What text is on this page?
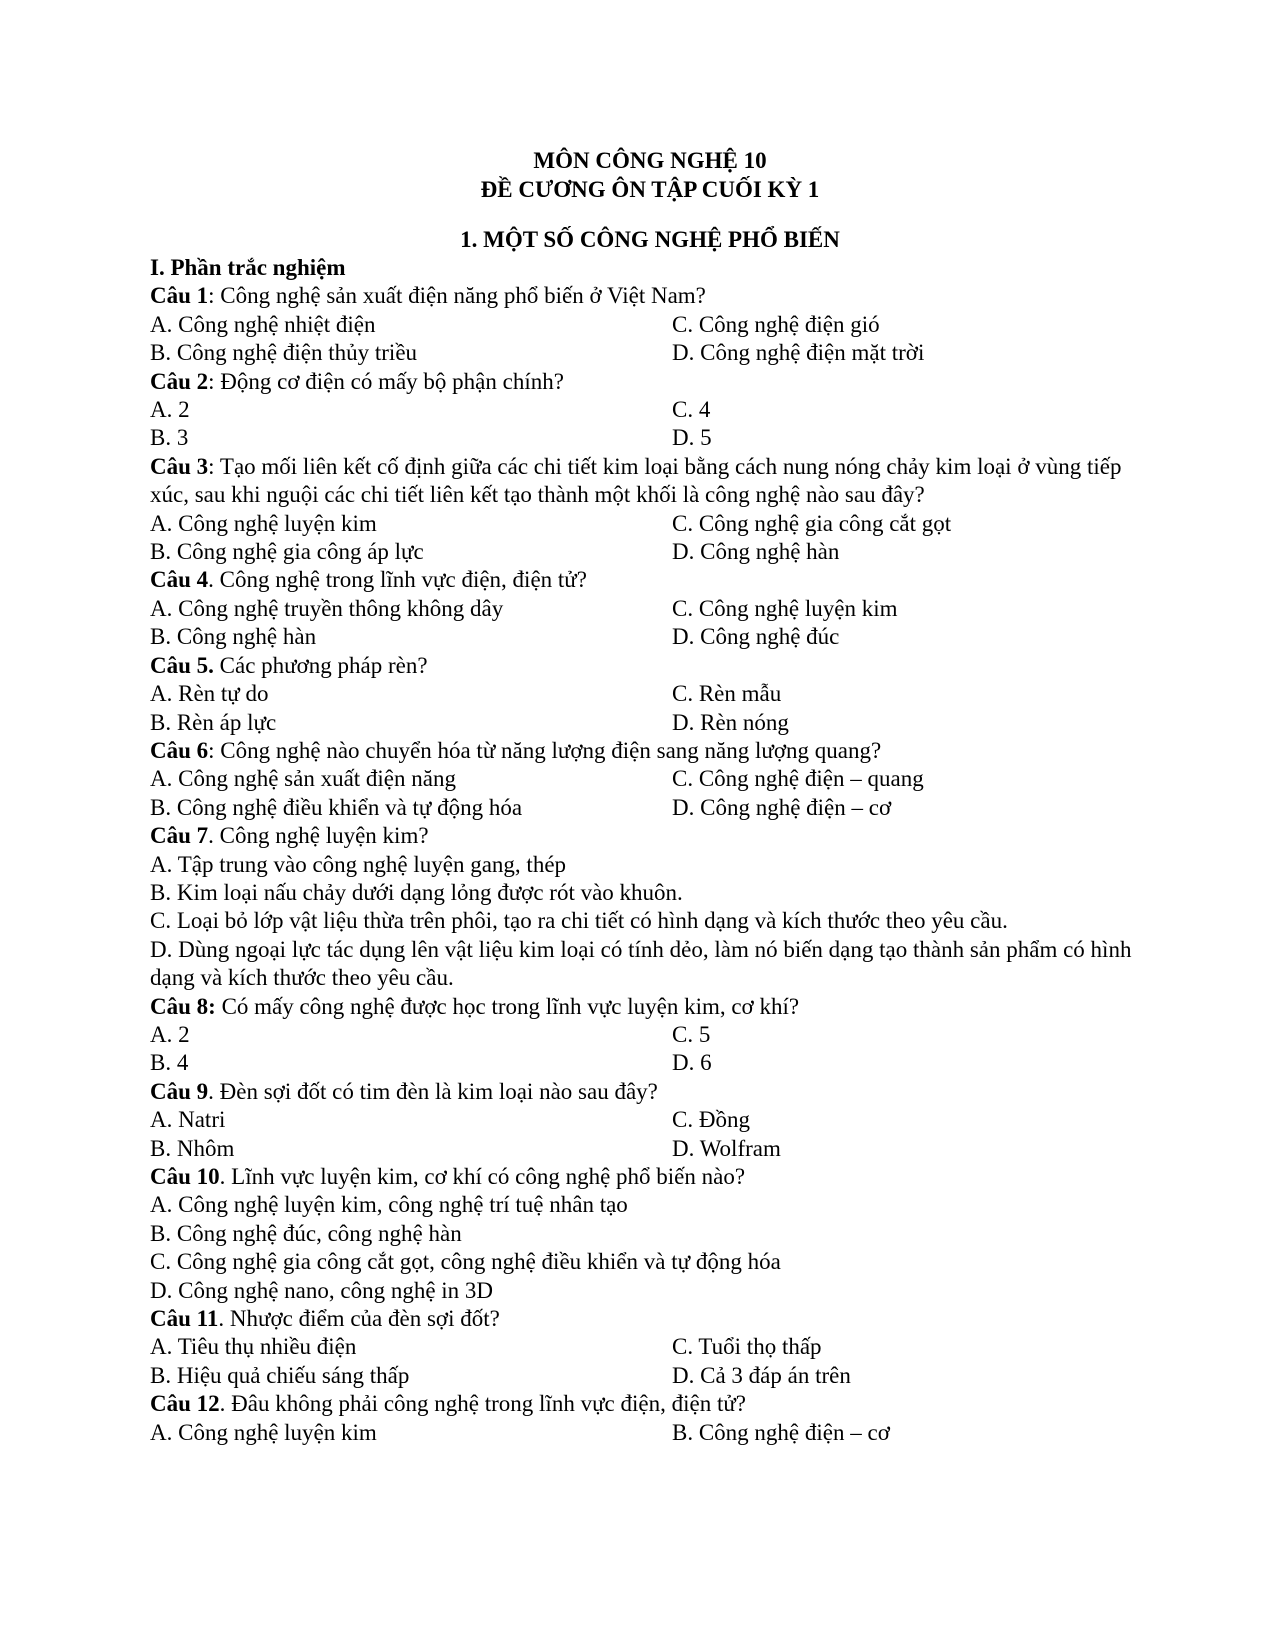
MÔN CÔNG NGHỆ 10
ĐỀ CƯƠNG ÔN TẬP CUỐI KỲ 1
1. MỘT SỐ CÔNG NGHỆ PHỔ BIẾN
I. Phần trắc nghiệm
Câu 1: Công nghệ sản xuất điện năng phổ biến ở Việt Nam?
A. Công nghệ nhiệt điện	C. Công nghệ điện gió
B. Công nghệ điện thủy triều	D. Công nghệ điện mặt trời
Câu 2: Động cơ điện có mấy bộ phận chính?
A. 2	C. 4
B. 3	D. 5
Câu 3: Tạo mối liên kết cố định giữa các chi tiết kim loại bằng cách nung nóng chảy kim loại ở vùng tiếp xúc, sau khi nguội các chi tiết liên kết tạo thành một khối là công nghệ nào sau đây?
A. Công nghệ luyện kim	C. Công nghệ gia công cắt gọt
B. Công nghệ gia công áp lực	D. Công nghệ hàn
Câu 4. Công nghệ trong lĩnh vực điện, điện tử?
A. Công nghệ truyền thông không dây	C. Công nghệ luyện kim
B. Công nghệ hàn	D. Công nghệ đúc
Câu 5. Các phương pháp rèn?
A. Rèn tự do	C. Rèn mẫu
B. Rèn áp lực	D. Rèn nóng
Câu 6: Công nghệ nào chuyển hóa từ năng lượng điện sang năng lượng quang?
A. Công nghệ sản xuất điện năng	C. Công nghệ điện – quang
B. Công nghệ điều khiển và tự động hóa	D. Công nghệ điện – cơ
Câu 7. Công nghệ luyện kim?
A. Tập trung vào công nghệ luyện gang, thép
B. Kim loại nấu chảy dưới dạng lỏng được rót vào khuôn.
C. Loại bỏ lớp vật liệu thừa trên phôi, tạo ra chi tiết có hình dạng và kích thước theo yêu cầu.
D. Dùng ngoại lực tác dụng lên vật liệu kim loại có tính dẻo, làm nó biến dạng tạo thành sản phẩm có hình dạng và kích thước theo yêu cầu.
Câu 8: Có mấy công nghệ được học trong lĩnh vực luyện kim, cơ khí?
A. 2	C. 5
B. 4	D. 6
Câu 9. Đèn sợi đốt có tim đèn là kim loại nào sau đây?
A. Natri	C. Đồng
B. Nhôm	D. Wolfram
Câu 10. Lĩnh vực luyện kim, cơ khí có công nghệ phổ biến nào?
A. Công nghệ luyện kim, công nghệ trí tuệ nhân tạo
B. Công nghệ đúc, công nghệ hàn
C. Công nghệ gia công cắt gọt, công nghệ điều khiển và tự động hóa
D. Công nghệ nano, công nghệ in 3D
Câu 11. Nhược điểm của đèn sợi đốt?
A. Tiêu thụ nhiều điện	C. Tuổi thọ thấp
B. Hiệu quả chiếu sáng thấp	D. Cả 3 đáp án trên
Câu 12. Đâu không phải công nghệ trong lĩnh vực điện, điện tử?
A. Công nghệ luyện kim	B. Công nghệ điện – cơ
